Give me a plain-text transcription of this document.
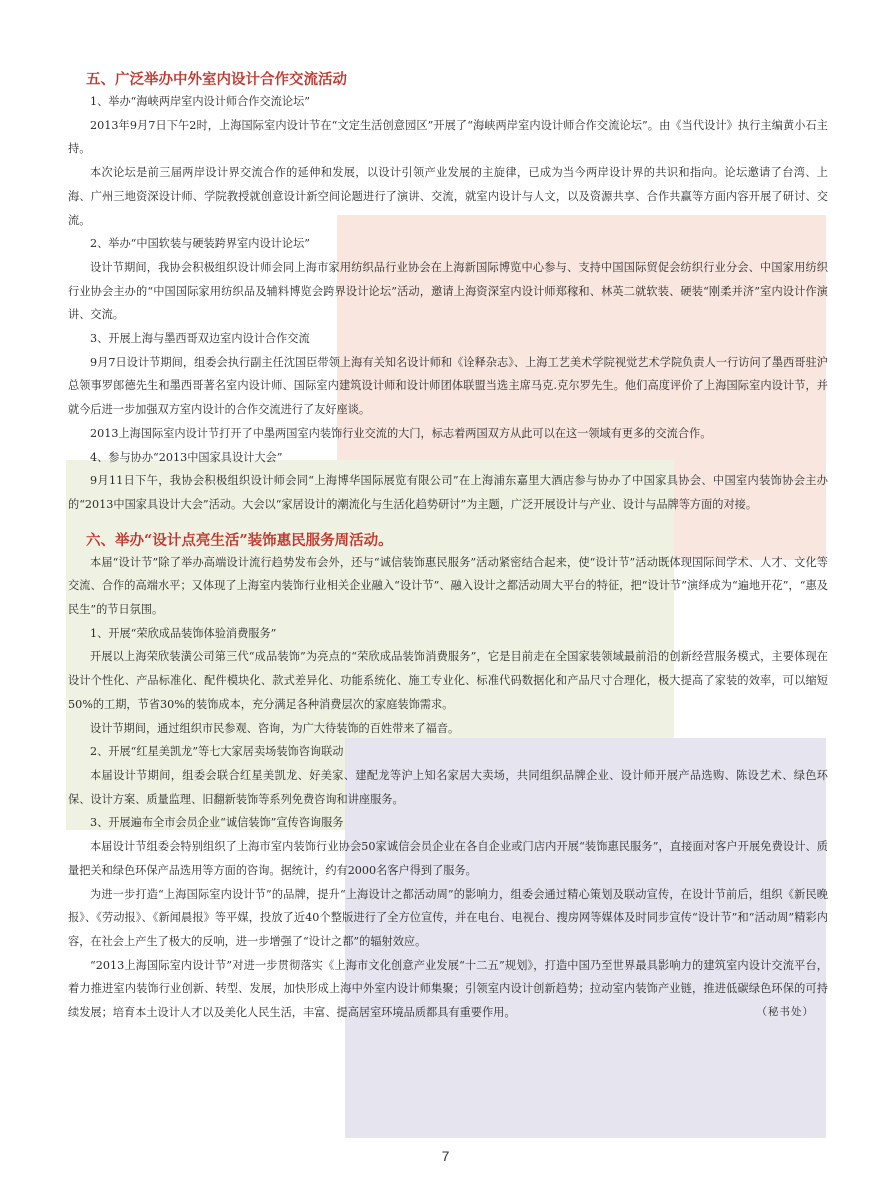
五、广泛举办中外室内设计合作交流活动

1、举办“海峡两岸室内设计师合作交流论坛”

2013年9月7日下午2时，上海国际室内设计节在“文定生活创意园区”开展了“海峡两岸室内设计师合作交流论坛”。由《当代设计》执行主编黄小石主持。

本次论坛是前三届两岸设计界交流合作的延伸和发展，以设计引领产业发展的主旋律，已成为当今两岸设计界的共识和指向。论坛邀请了台湾、上海、广州三地资深设计师、学院教授就创意设计新空间论题进行了演讲、交流，就室内设计与人文，以及资源共享、合作共赢等方面内容开展了研讨、交流。

2、举办“中国软装与硬装跨界室内设计论坛”

设计节期间，我协会积极组织设计师会同上海市家用纺织品行业协会在上海新国际博览中心参与、支持中国国际贸促会纺织行业分会、中国家用纺织行业协会主办的“中国国际家用纺织品及辅料博览会跨界设计论坛”活动，邀请上海资深室内设计师郑稼和、林英二就软装、硬装“刚柔并济”室内设计作演讲、交流。

3、开展上海与墨西哥双边室内设计合作交流

9月7日设计节期间，组委会执行副主任沈国臣带领上海有关知名设计师和《诠释杂志》、上海工艺美术学院视觉艺术学院负责人一行访问了墨西哥驻沪总领事罗郎德先生和墨西哥著名室内设计师、国际室内建筑设计师和设计师团体联盟当选主席马克.克尔罗先生。他们高度评价了上海国际室内设计节，并就今后进一步加强双方室内设计的合作交流进行了友好座谈。

2013上海国际室内设计节打开了中墨两国室内装饰行业交流的大门，标志着两国双方从此可以在这一领域有更多的交流合作。

4、参与协办“2013中国家具设计大会”

9月11日下午，我协会积极组织设计师会同“上海博华国际展览有限公司”在上海浦东嘉里大酒店参与协办了中国家具协会、中国室内装饰协会主办的“2013中国家具设计大会”活动。大会以“家居设计的潮流化与生活化趋势研讨”为主题，广泛开展设计与产业、设计与品牌等方面的对接。

六、举办“设计点亮生活”装饰惠民服务周活动。

本届“设计节”除了举办高端设计流行趋势发布会外，还与“诚信装饰惠民服务”活动紧密结合起来，使“设计节”活动既体现国际间学术、人才、文化等交流、合作的高端水平；又体现了上海室内装饰行业相关企业融入“设计节”、融入设计之都活动周大平台的特征，把“设计节”演绎成为“遍地开花”，“惠及民生”的节日氛围。

1、开展“荣欣成品装饰体验消费服务”

开展以上海荣欣装潢公司第三代“成品装饰”为亮点的“荣欣成品装饰消费服务”，它是目前走在全国家装领域最前沿的创新经营服务模式，主要体现在设计个性化、产品标准化、配件模块化、款式差异化、功能系统化、施工专业化、标准代码数据化和产品尺寸合理化，极大提高了家装的效率，可以缩短50%的工期，节省30%的装饰成本，充分满足各种消费层次的家庭装饰需求。

设计节期间，通过组织市民参观、咨询，为广大待装饰的百姓带来了福音。

2、开展“红星美凯龙”等七大家居卖场装饰咨询联动

本届设计节期间，组委会联合红星美凯龙、好美家、建配龙等沪上知名家居大卖场，共同组织品牌企业、设计师开展产品选购、陈设艺术、绿色环保、设计方案、质量监理、旧翻新装饰等系列免费咨询和讲座服务。

3、开展遍布全市会员企业“诚信装饰”宣传咨询服务

本届设计节组委会特别组织了上海市室内装饰行业协会50家诚信会员企业在各自企业或门店内开展“装饰惠民服务”，直接面对客户开展免费设计、质量把关和绿色环保产品选用等方面的咨询。据统计，约有2000名客户得到了服务。

为进一步打造“上海国际室内设计节”的品牌，提升“上海设计之都活动周”的影响力，组委会通过精心策划及联动宣传，在设计节前后，组织《新民晚报》、《劳动报》、《新闻晨报》等平媒，投放了近40个整版进行了全方位宣传，并在电台、电视台、搜房网等媒体及时同步宣传“设计节”和“活动周”精彩内容，在社会上产生了极大的反响，进一步增强了“设计之都”的辐射效应。

“2013上海国际室内设计节”对进一步贯彻落实《上海市文化创意产业发展“十二五”规划》，打造中国乃至世界最具影响力的建筑室内设计交流平台，着力推进室内装饰行业创新、转型、发展，加快形成上海中外室内设计师集聚；引领室内设计创新趋势；拉动室内装饰产业链，推进低碳绿色环保的可持续发展；培育本土设计人才以及美化人民生活，丰富、提高居室环境品质都具有重要作用。	（秘书处）

7
